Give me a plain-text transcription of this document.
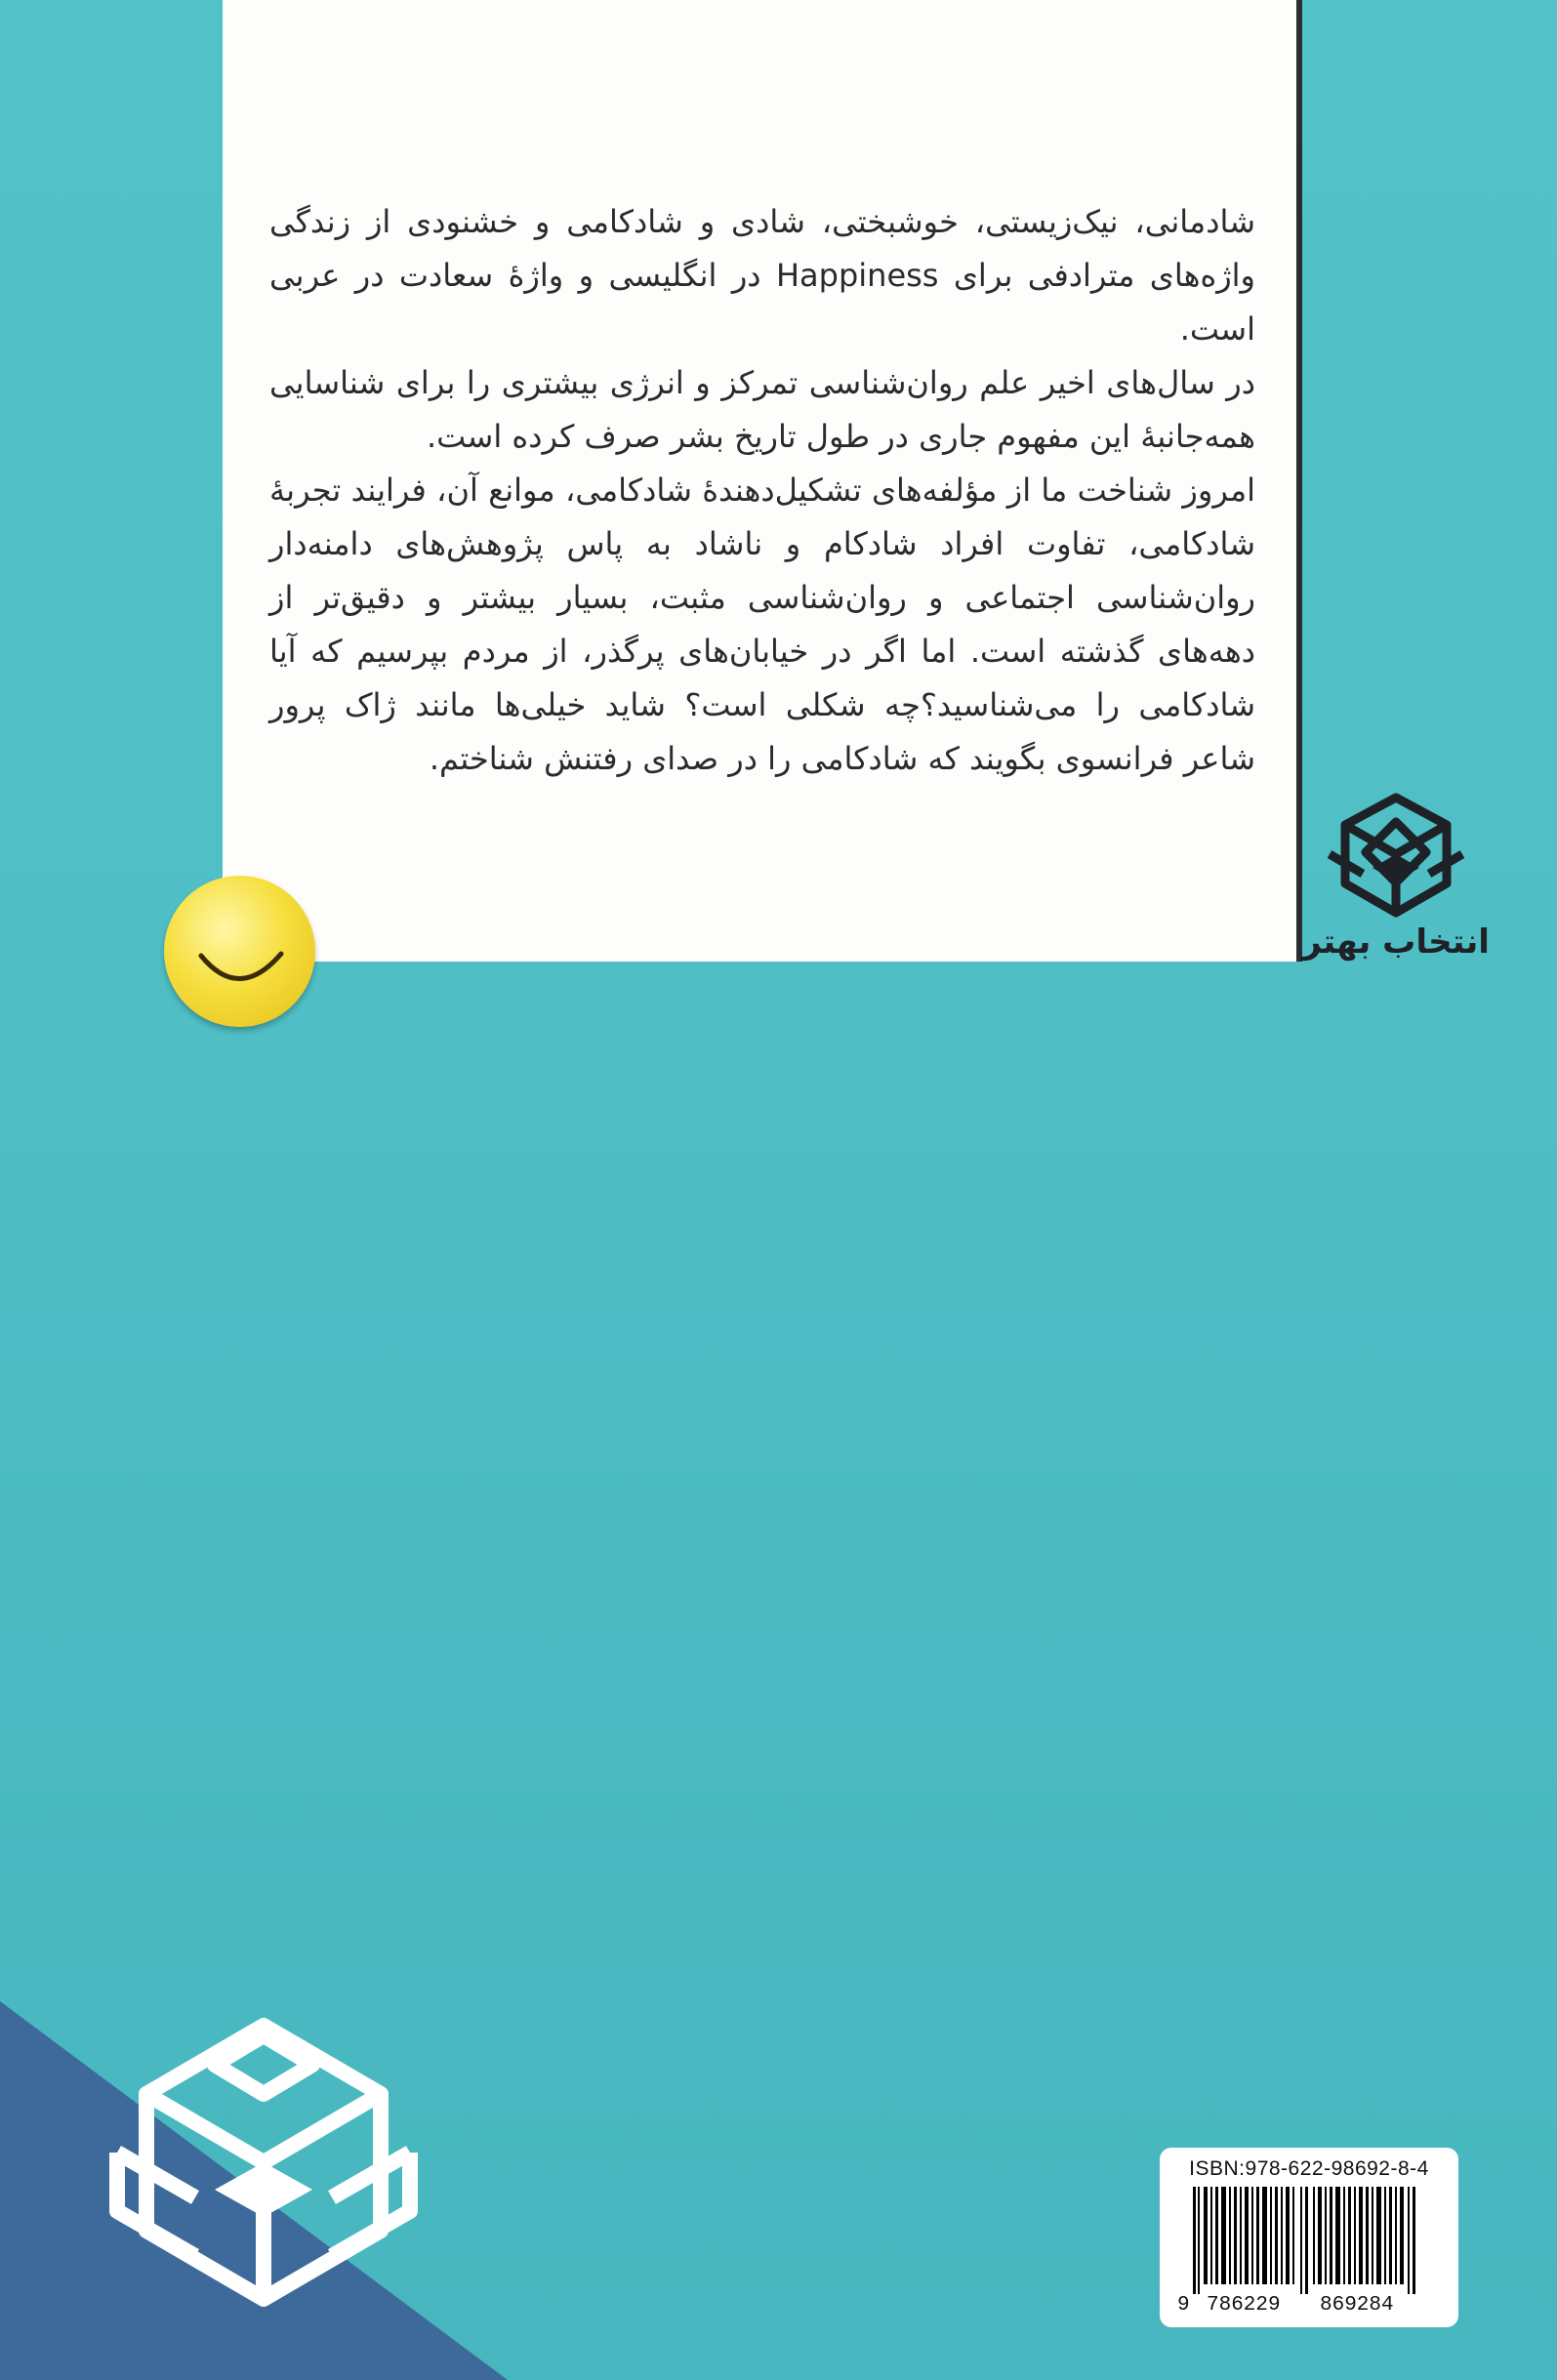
شادمانی، نیک‌زیستی، خوشبختی، شادی و شادکامی و خشنودی از زندگی واژه‌های مترادفی برای Happiness در انگلیسی و واژهٔ سعادت در عربی است.

در سال‌های اخیر علم روان‌شناسی تمرکز و انرژی بیشتری را برای شناسایی همه‌جانبهٔ این مفهوم جاری در طول تاریخ بشر صرف کرده است.

امروز شناخت ما از مؤلفه‌های تشکیل‌دهندهٔ شادکامی، موانع آن، فرایند تجربهٔ شادکامی، تفاوت افراد شادکام و ناشاد به پاس پژوهش‌های دامنه‌دار روان‌شناسی اجتماعی و روان‌شناسی مثبت، بسیار بیشتر و دقیق‌تر از دهه‌های گذشته است. اما اگر در خیابان‌های پرگذر، از مردم بپرسیم که آیا شادکامی را می‌شناسید؟چه شکلی است؟ شاید خیلی‌ها مانند ژاک پرور شاعر فرانسوی بگویند که شادکامی را در صدای رفتنش شناختم.

انتخاب بهتر
ISBN:978-622-98692-8-4
9 786229 869284
